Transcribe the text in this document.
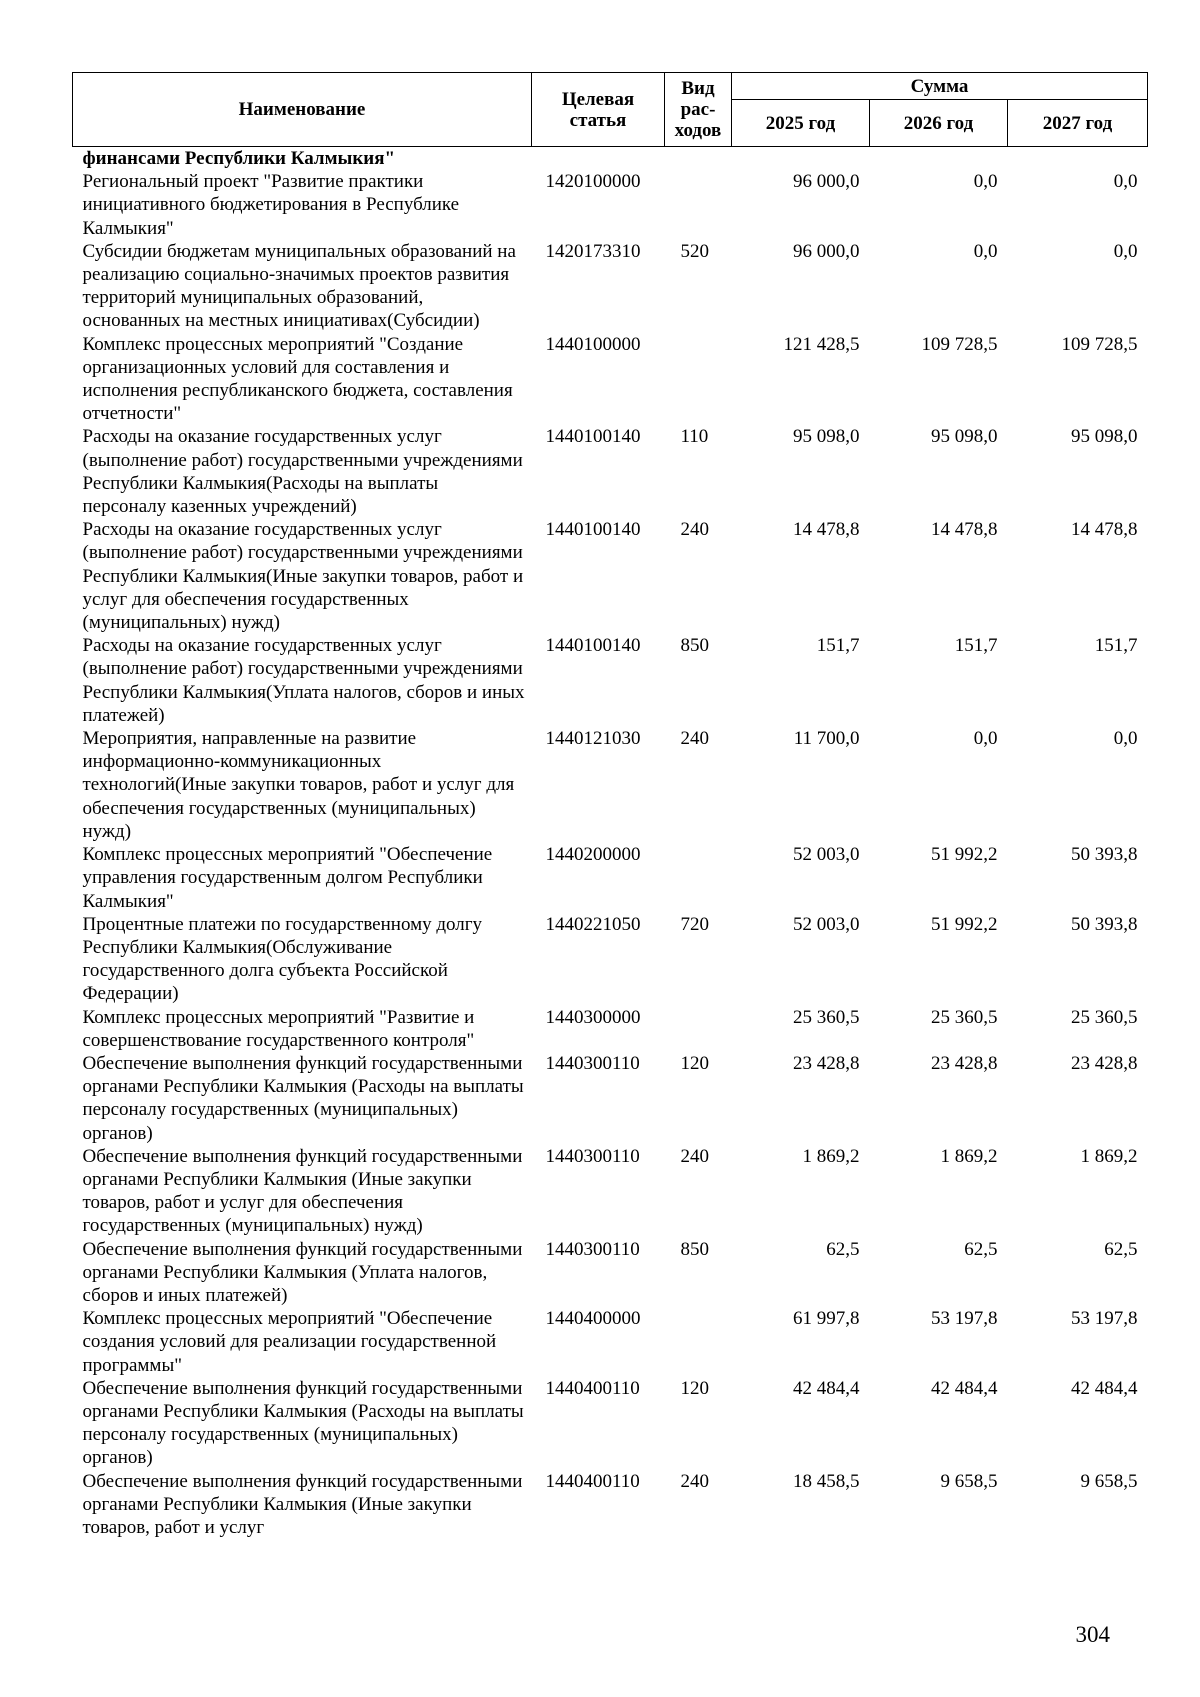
Наименование	Целевая статья	Вид рас-ходов	Сумма		
			2025 год	2026 год	2027 год
финансами Республики Калмыкия"					
Региональный проект "Развитие практики инициативного бюджетирования в Республике Калмыкия"	1420100000		96 000,0	0,0	0,0
Субсидии бюджетам муниципальных образований на реализацию социально-значимых проектов развития территорий муниципальных образований, основанных на местных инициативах(Субсидии)	1420173310	520	96 000,0	0,0	0,0
Комплекс процессных мероприятий "Создание организационных условий для составления и исполнения республиканского бюджета, составления отчетности"	1440100000		121 428,5	109 728,5	109 728,5
Расходы на оказание государственных услуг (выполнение работ) государственными учреждениями Республики Калмыкия(Расходы на выплаты персоналу казенных учреждений)	1440100140	110	95 098,0	95 098,0	95 098,0
Расходы на оказание государственных услуг (выполнение работ) государственными учреждениями Республики Калмыкия(Иные закупки товаров, работ и услуг для обеспечения государственных (муниципальных) нужд)	1440100140	240	14 478,8	14 478,8	14 478,8
Расходы на оказание государственных услуг (выполнение работ) государственными учреждениями Республики Калмыкия(Уплата налогов, сборов и иных платежей)	1440100140	850	151,7	151,7	151,7
Мероприятия, направленные на развитие информационно-коммуникационных технологий(Иные закупки товаров, работ и услуг для обеспечения государственных (муниципальных) нужд)	1440121030	240	11 700,0	0,0	0,0
Комплекс процессных мероприятий "Обеспечение управления государственным долгом Республики Калмыкия"	1440200000		52 003,0	51 992,2	50 393,8
Процентные платежи по государственному долгу Республики Калмыкия(Обслуживание государственного долга субъекта Российской Федерации)	1440221050	720	52 003,0	51 992,2	50 393,8
Комплекс процессных мероприятий "Развитие и совершенствование государственного контроля"	1440300000		25 360,5	25 360,5	25 360,5
Обеспечение выполнения функций государственными органами Республики Калмыкия (Расходы на выплаты персоналу государственных (муниципальных) органов)	1440300110	120	23 428,8	23 428,8	23 428,8
Обеспечение выполнения функций государственными органами Республики Калмыкия (Иные закупки товаров, работ и услуг для обеспечения государственных (муниципальных) нужд)	1440300110	240	1 869,2	1 869,2	1 869,2
Обеспечение выполнения функций государственными органами Республики Калмыкия (Уплата налогов, сборов и иных платежей)	1440300110	850	62,5	62,5	62,5
Комплекс процессных мероприятий "Обеспечение создания условий для реализации государственной программы"	1440400000		61 997,8	53 197,8	53 197,8
Обеспечение выполнения функций государственными органами Республики Калмыкия (Расходы на выплаты персоналу государственных (муниципальных) органов)	1440400110	120	42 484,4	42 484,4	42 484,4
Обеспечение выполнения функций государственными органами Республики Калмыкия (Иные закупки товаров, работ и услуг	1440400110	240	18 458,5	9 658,5	9 658,5
304
